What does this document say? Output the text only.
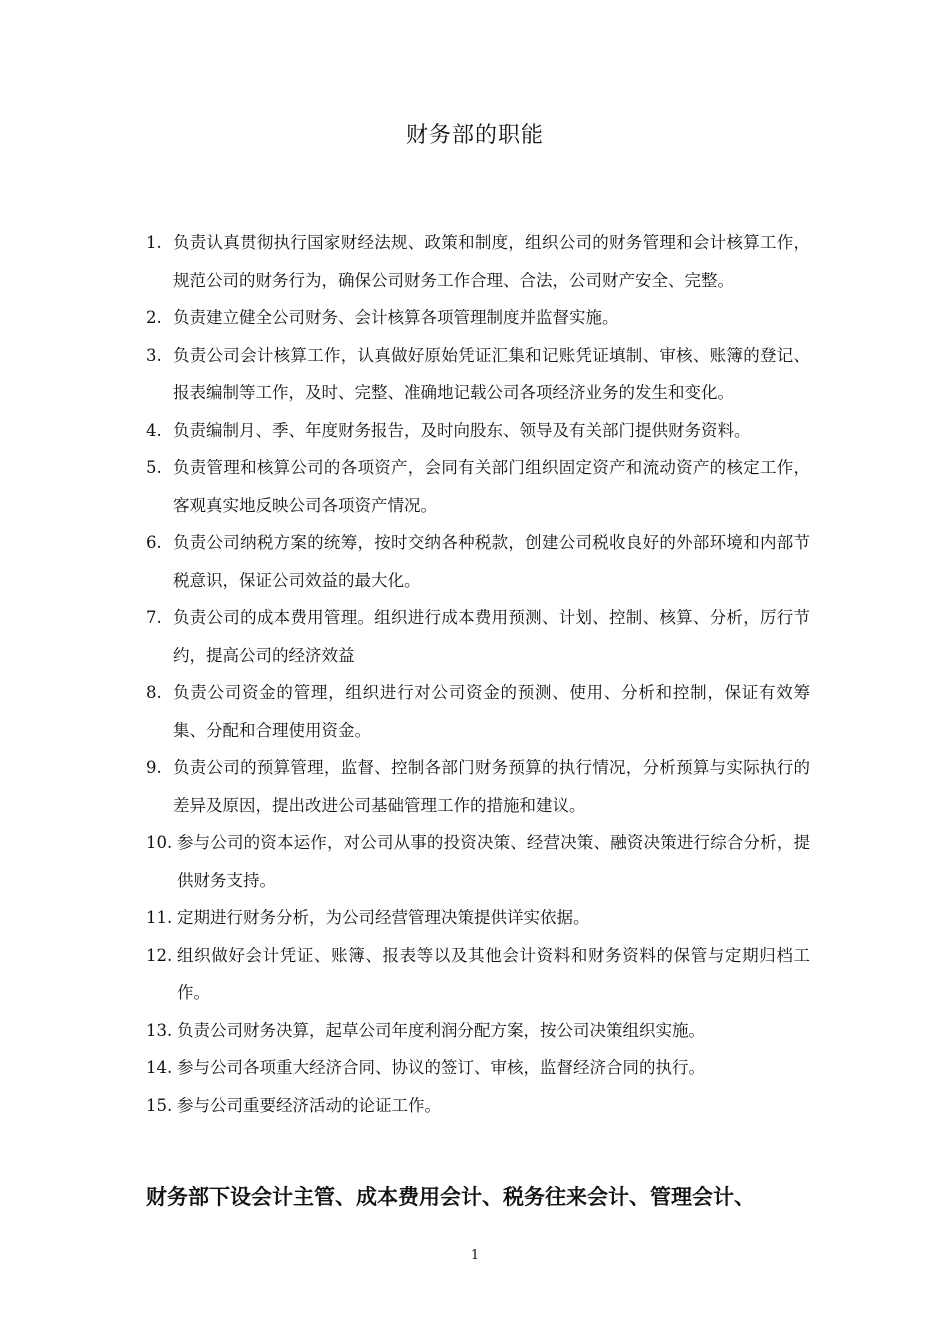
财务部的职能
1. 负责认真贯彻执行国家财经法规、政策和制度，组织公司的财务管理和会计核算工作，规范公司的财务行为，确保公司财务工作合理、合法，公司财产安全、完整。
2. 负责建立健全公司财务、会计核算各项管理制度并监督实施。
3. 负责公司会计核算工作，认真做好原始凭证汇集和记账凭证填制、审核、账簿的登记、报表编制等工作，及时、完整、准确地记载公司各项经济业务的发生和变化。
4. 负责编制月、季、年度财务报告，及时向股东、领导及有关部门提供财务资料。
5. 负责管理和核算公司的各项资产，会同有关部门组织固定资产和流动资产的核定工作，客观真实地反映公司各项资产情况。
6. 负责公司纳税方案的统筹，按时交纳各种税款，创建公司税收良好的外部环境和内部节税意识，保证公司效益的最大化。
7. 负责公司的成本费用管理。组织进行成本费用预测、计划、控制、核算、分析，厉行节约，提高公司的经济效益
8. 负责公司资金的管理，组织进行对公司资金的预测、使用、分析和控制，保证有效筹集、分配和合理使用资金。
9. 负责公司的预算管理，监督、控制各部门财务预算的执行情况，分析预算与实际执行的差异及原因，提出改进公司基础管理工作的措施和建议。
10. 参与公司的资本运作，对公司从事的投资决策、经营决策、融资决策进行综合分析，提供财务支持。
11. 定期进行财务分析，为公司经营管理决策提供详实依据。
12. 组织做好会计凭证、账簿、报表等以及其他会计资料和财务资料的保管与定期归档工作。
13. 负责公司财务决算，起草公司年度利润分配方案，按公司决策组织实施。
14. 参与公司各项重大经济合同、协议的签订、审核，监督经济合同的执行。
15. 参与公司重要经济活动的论证工作。
财务部下设会计主管、成本费用会计、税务往来会计、管理会计、
1
